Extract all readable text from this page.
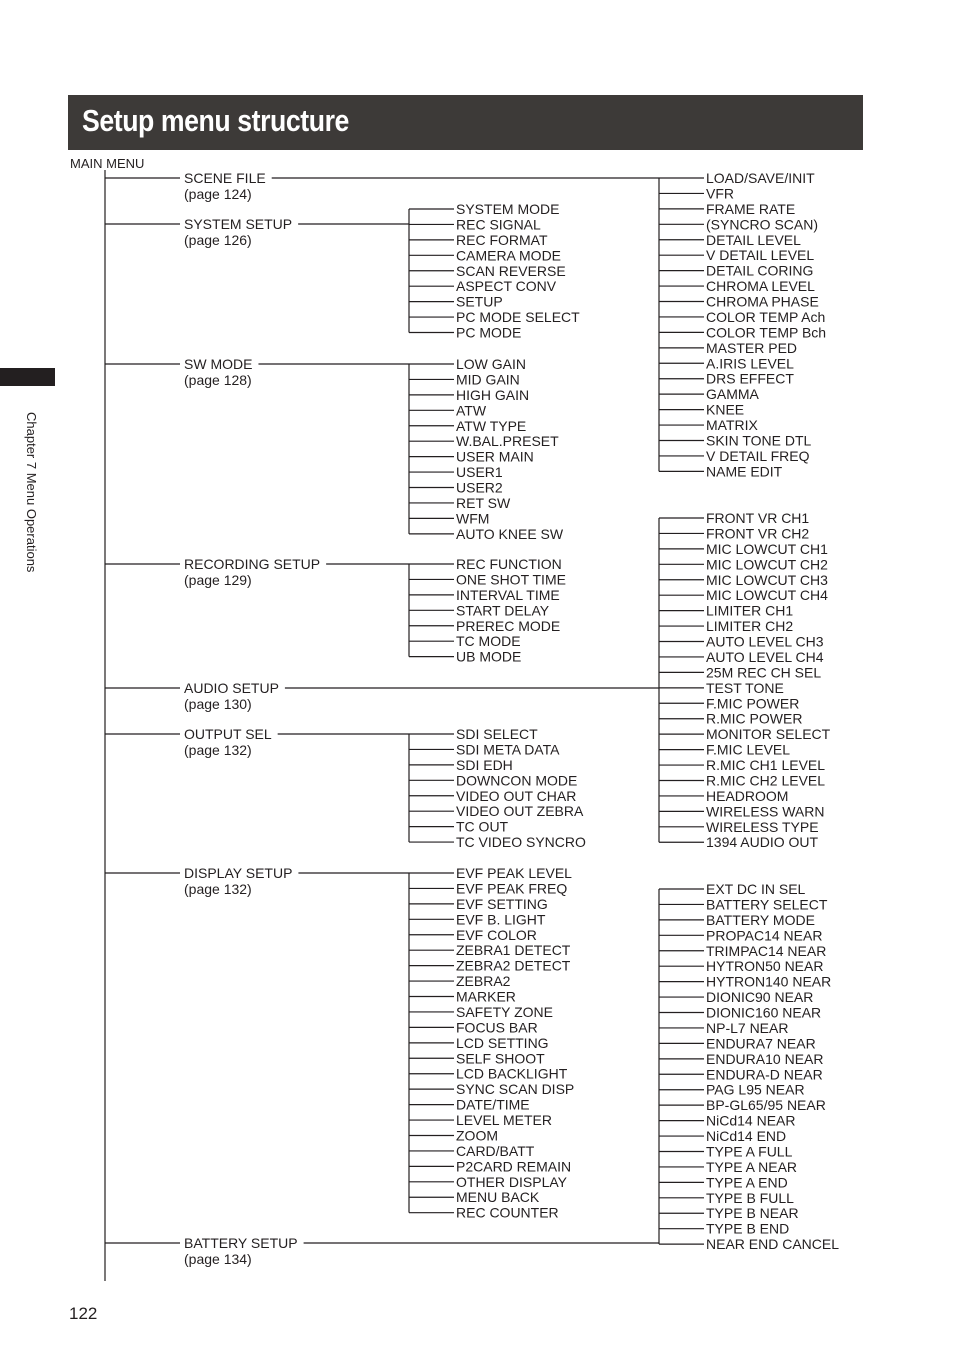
Setup menu structure
Chapter 7 Menu Operations
MAIN MENU
SCENE FILE
(page 124)
SYSTEM SETUP
(page 126)
SYSTEM MODE
REC SIGNAL
REC FORMAT
CAMERA MODE
SCAN REVERSE
ASPECT CONV
SETUP
PC MODE SELECT
PC MODE
SW MODE
(page 128)
LOW GAIN
MID GAIN
HIGH GAIN
ATW
ATW TYPE
W.BAL.PRESET
USER MAIN
USER1
USER2
RET SW
WFM
AUTO KNEE SW
RECORDING SETUP
(page 129)
REC FUNCTION
ONE SHOT TIME
INTERVAL TIME
START DELAY
PREREC MODE
TC MODE
UB MODE
AUDIO SETUP
(page 130)
OUTPUT SEL
(page 132)
SDI SELECT
SDI META DATA
SDI EDH
DOWNCON MODE
VIDEO OUT CHAR
VIDEO OUT ZEBRA
TC OUT
TC VIDEO SYNCRO
DISPLAY SETUP
(page 132)
EVF PEAK LEVEL
EVF PEAK FREQ
EVF SETTING
EVF B. LIGHT
EVF COLOR
ZEBRA1 DETECT
ZEBRA2 DETECT
ZEBRA2
MARKER
SAFETY ZONE
FOCUS BAR
LCD SETTING
SELF SHOOT
LCD BACKLIGHT
SYNC SCAN DISP
DATE/TIME
LEVEL METER
ZOOM
CARD/BATT
P2CARD REMAIN
OTHER DISPLAY
MENU BACK
REC COUNTER
BATTERY SETUP
(page 134)
LOAD/SAVE/INIT
VFR
FRAME RATE
(SYNCRO SCAN)
DETAIL LEVEL
V DETAIL LEVEL
DETAIL CORING
CHROMA LEVEL
CHROMA PHASE
COLOR TEMP Ach
COLOR TEMP Bch
MASTER PED
A.IRIS LEVEL
DRS EFFECT
GAMMA
KNEE
MATRIX
SKIN TONE DTL
V DETAIL FREQ
NAME EDIT
FRONT VR CH1
FRONT VR CH2
MIC LOWCUT CH1
MIC LOWCUT CH2
MIC LOWCUT CH3
MIC LOWCUT CH4
LIMITER CH1
LIMITER CH2
AUTO LEVEL CH3
AUTO LEVEL CH4
25M REC CH SEL
TEST TONE
F.MIC POWER
R.MIC POWER
MONITOR SELECT
F.MIC LEVEL
R.MIC CH1 LEVEL
R.MIC CH2 LEVEL
HEADROOM
WIRELESS WARN
WIRELESS TYPE
1394 AUDIO OUT
EXT DC IN SEL
BATTERY SELECT
BATTERY MODE
PROPAC14 NEAR
TRIMPAC14 NEAR
HYTRON50 NEAR
HYTRON140 NEAR
DIONIC90 NEAR
DIONIC160 NEAR
NP-L7 NEAR
ENDURA7 NEAR
ENDURA10 NEAR
ENDURA-D NEAR
PAG L95 NEAR
BP-GL65/95 NEAR
NiCd14 NEAR
NiCd14 END
TYPE A FULL
TYPE A NEAR
TYPE A END
TYPE B FULL
TYPE B NEAR
TYPE B END
NEAR END CANCEL
122
